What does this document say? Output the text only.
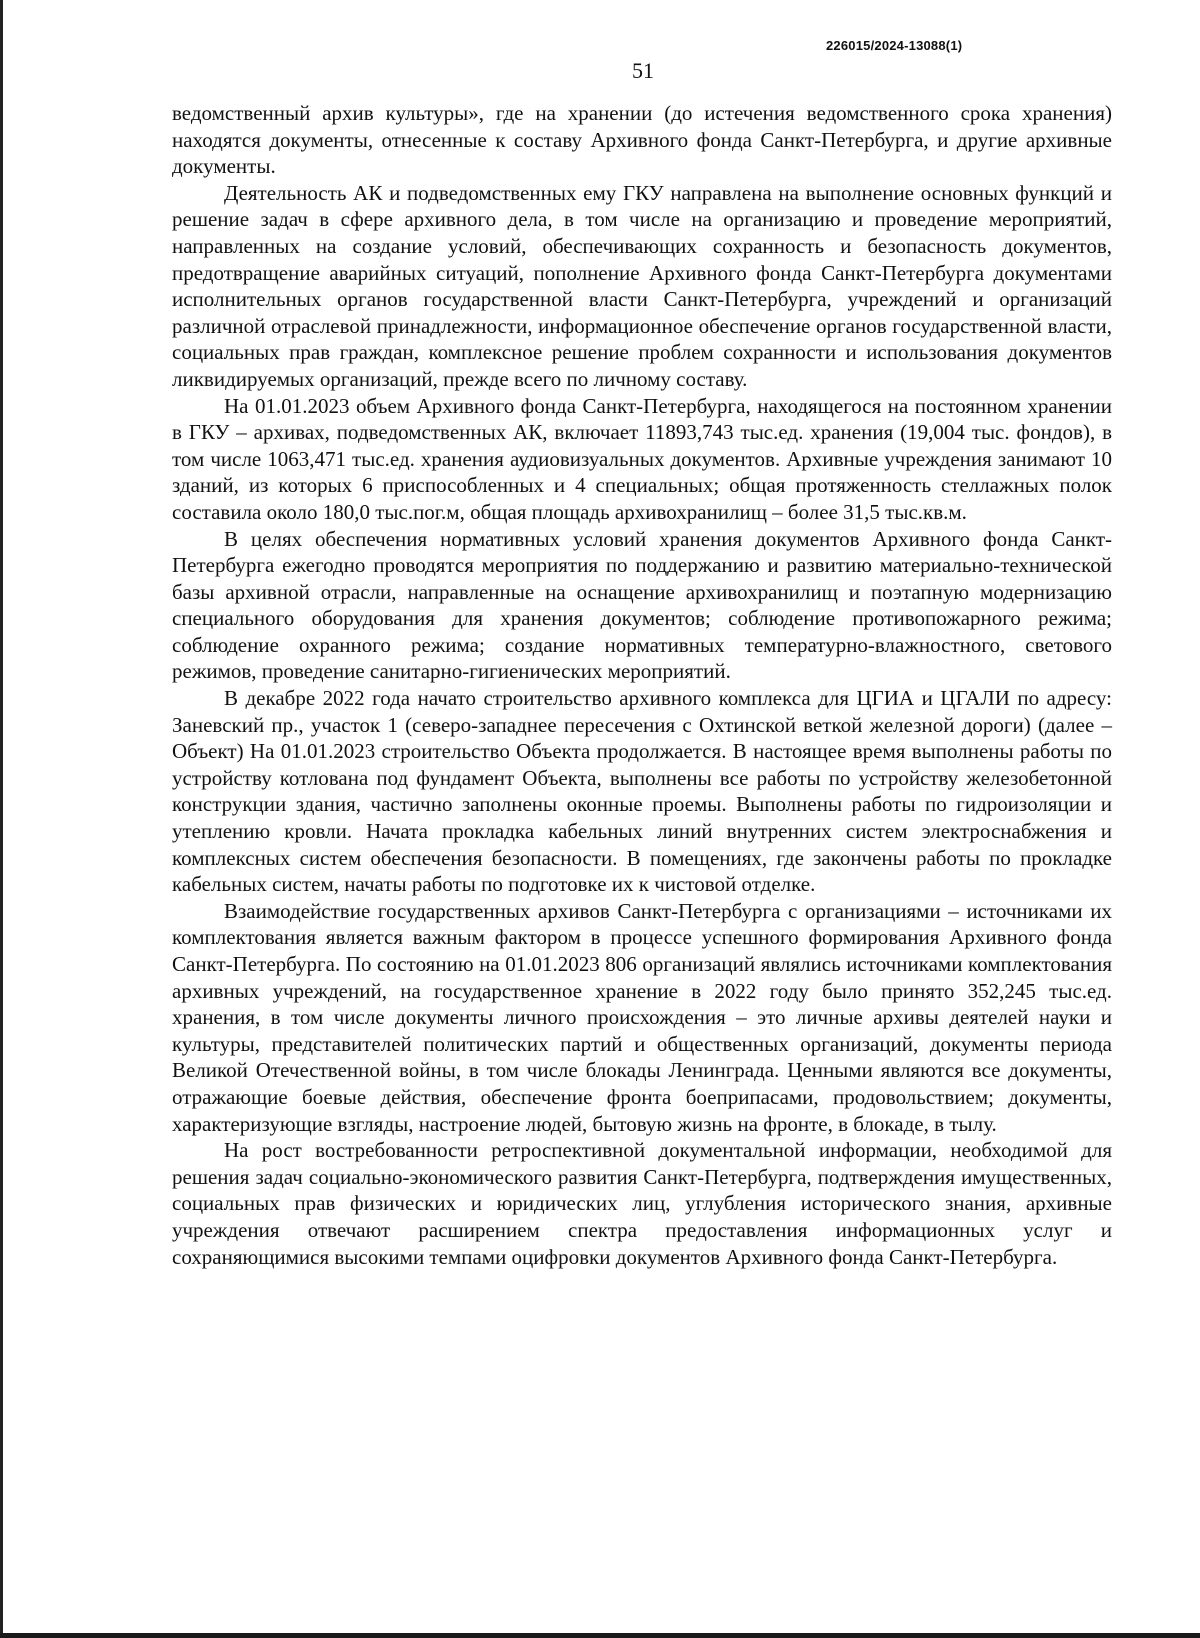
226015/2024-13088(1)
51

ведомственный архив культуры», где на хранении (до истечения ведомственного срока хранения) находятся документы, отнесенные к составу Архивного фонда Санкт-Петербурга, и другие архивные документы.

Деятельность АК и подведомственных ему ГКУ направлена на выполнение основных функций и решение задач в сфере архивного дела, в том числе на организацию и проведение мероприятий, направленных на создание условий, обеспечивающих сохранность и безопасность документов, предотвращение аварийных ситуаций, пополнение Архивного фонда Санкт-Петербурга документами исполнительных органов государственной власти Санкт-Петербурга, учреждений и организаций различной отраслевой принадлежности, информационное обеспечение органов государственной власти, социальных прав граждан, комплексное решение проблем сохранности и использования документов ликвидируемых организаций, прежде всего по личному составу.

На 01.01.2023 объем Архивного фонда Санкт-Петербурга, находящегося на постоянном хранении в ГКУ – архивах, подведомственных АК, включает 11893,743 тыс.ед. хранения (19,004 тыс. фондов), в том числе 1063,471 тыс.ед. хранения аудиовизуальных документов. Архивные учреждения занимают 10 зданий, из которых 6 приспособленных и 4 специальных; общая протяженность стеллажных полок составила около 180,0 тыс.пог.м, общая площадь архивохранилищ – более 31,5 тыс.кв.м.

В целях обеспечения нормативных условий хранения документов Архивного фонда Санкт-Петербурга ежегодно проводятся мероприятия по поддержанию и развитию материально-технической базы архивной отрасли, направленные на оснащение архивохранилищ и поэтапную модернизацию специального оборудования для хранения документов; соблюдение противопожарного режима; соблюдение охранного режима; создание нормативных температурно-влажностного, светового режимов, проведение санитарно-гигиенических мероприятий.

В декабре 2022 года начато строительство архивного комплекса для ЦГИА и ЦГАЛИ по адресу: Заневский пр., участок 1 (северо-западнее пересечения с Охтинской веткой железной дороги) (далее – Объект) На 01.01.2023 строительство Объекта продолжается. В настоящее время выполнены работы по устройству котлована под фундамент Объекта, выполнены все работы по устройству железобетонной конструкции здания, частично заполнены оконные проемы. Выполнены работы по гидроизоляции и утеплению кровли. Начата прокладка кабельных линий внутренних систем электроснабжения и комплексных систем обеспечения безопасности. В помещениях, где закончены работы по прокладке кабельных систем, начаты работы по подготовке их к чистовой отделке.

Взаимодействие государственных архивов Санкт-Петербурга с организациями – источниками их комплектования является важным фактором в процессе успешного формирования Архивного фонда Санкт-Петербурга. По состоянию на 01.01.2023 806 организаций являлись источниками комплектования архивных учреждений, на государственное хранение в 2022 году было принято 352,245 тыс.ед. хранения, в том числе документы личного происхождения – это личные архивы деятелей науки и культуры, представителей политических партий и общественных организаций, документы периода Великой Отечественной войны, в том числе блокады Ленинграда. Ценными являются все документы, отражающие боевые действия, обеспечение фронта боеприпасами, продовольствием; документы, характеризующие взгляды, настроение людей, бытовую жизнь на фронте, в блокаде, в тылу.

На рост востребованности ретроспективной документальной информации, необходимой для решения задач социально-экономического развития Санкт-Петербурга, подтверждения имущественных, социальных прав физических и юридических лиц, углубления исторического знания, архивные учреждения отвечают расширением спектра предоставления информационных услуг и сохраняющимися высокими темпами оцифровки документов Архивного фонда Санкт-Петербурга.
